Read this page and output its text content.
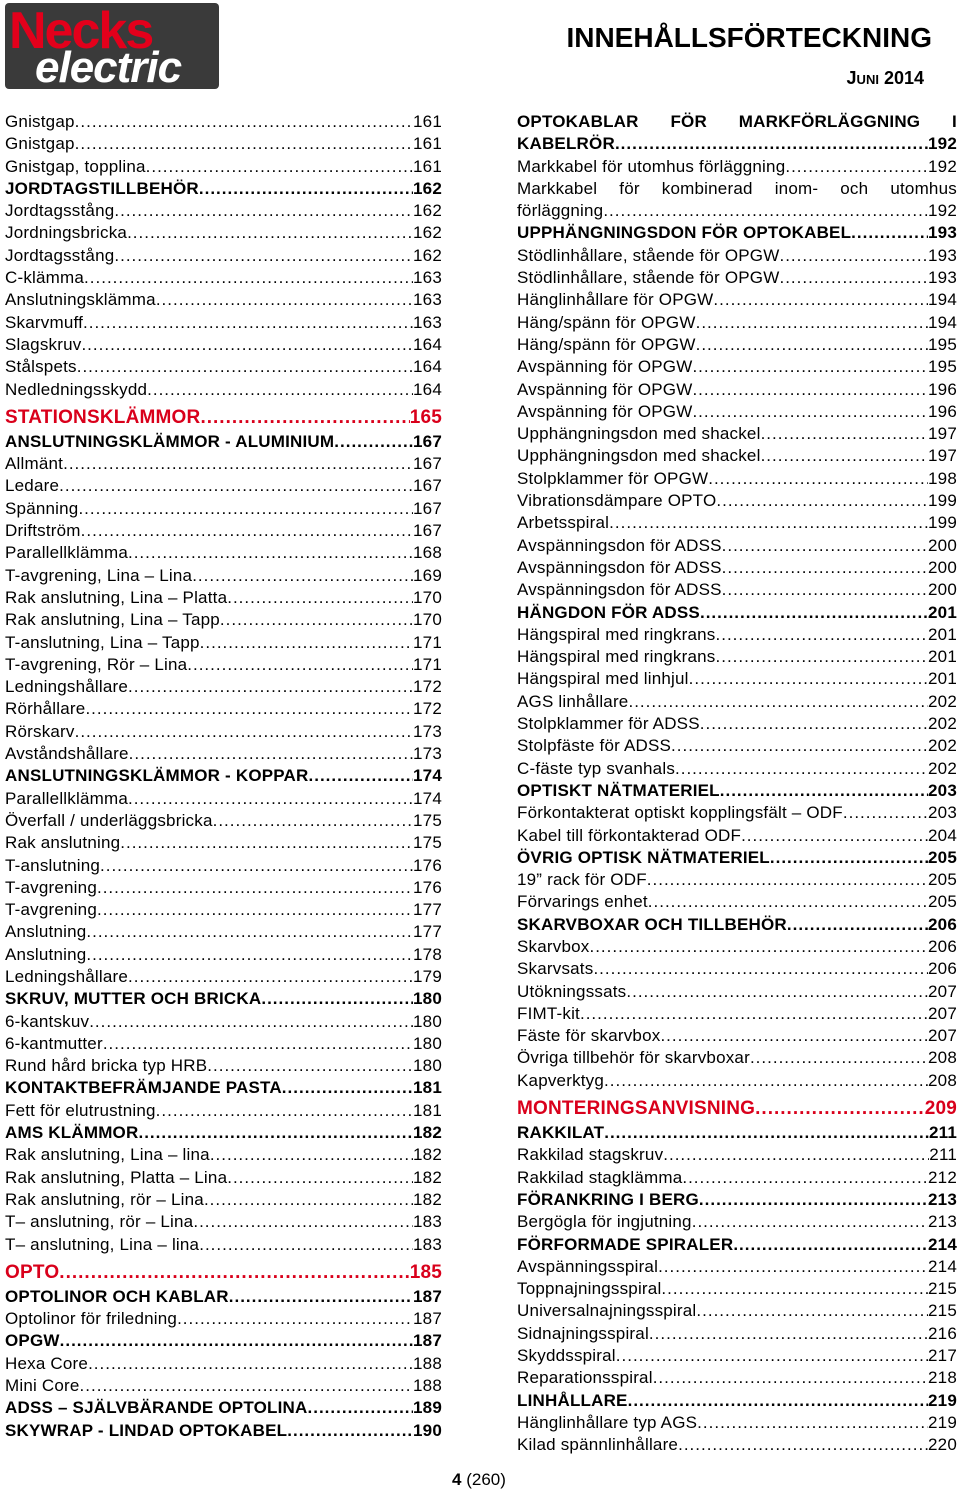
Necks
electric
INNEHÅLLSFÖRTECKNING
Juni 2014
Gnistgap .....	161
Gnistgap .....	161
Gnistgap, topplina .....	161
JORDTAGSTILLBEHÖR .....	162
Jordtagsstång .....	162
Jordningsbricka .....	162
Jordtagsstång .....	162
C-klämma .....	163
Anslutningsklämma .....	163
Skarvmuff .....	163
Slagskruv .....	164
Stålspets .....	164
Nedledningsskydd .....	164
STATIONSKLÄMMOR .....	165
ANSLUTNINGSKLÄMMOR - ALUMINIUM .....	167
Allmänt .....	167
Ledare .....	167
Spänning .....	167
Driftström .....	167
Parallellklämma .....	168
T-avgrening, Lina – Lina .....	169
Rak anslutning, Lina – Platta .....	170
Rak anslutning, Lina – Tapp .....	170
T-anslutning, Lina – Tapp .....	171
T-avgrening, Rör – Lina .....	171
Ledningshållare .....	172
Rörhållare .....	172
Rörskarv .....	173
Avståndshållare .....	173
ANSLUTNINGSKLÄMMOR - KOPPAR .....	174
Parallellklämma .....	174
Överfall / underläggsbricka .....	175
Rak anslutning .....	175
T-anslutning .....	176
T-avgrening .....	176
T-avgrening .....	177
Anslutning .....	177
Anslutning .....	178
Ledningshållare .....	179
SKRUV, MUTTER OCH BRICKA .....	180
6-kantskuv .....	180
6-kantmutter .....	180
Rund hård bricka typ HRB .....	180
KONTAKTBEFRÄMJANDE PASTA .....	181
Fett för elutrustning .....	181
AMS KLÄMMOR .....	182
Rak anslutning, Lina – lina .....	182
Rak anslutning, Platta – Lina .....	182
Rak anslutning, rör – Lina .....	182
T– anslutning, rör – Lina .....	183
T– anslutning, Lina – lina .....	183
OPTO .....	185
OPTOLINOR OCH KABLAR .....	187
Optolinor för friledning .....	187
OPGW .....	187
Hexa Core .....	188
Mini Core .....	188
ADSS – SJÄLVBÄRANDE OPTOLINA .....	189
SKYWRAP - LINDAD OPTOKABEL .....	190
OPTOKABLAR FÖR MARKFÖRLÄGGNING I
KABELRÖR .....	192
Markkabel för utomhus förläggning .....	192
Markkabel för kombinerad inom- och utomhus
förläggning .....	192
UPPHÄNGNINGSDON FÖR OPTOKABEL .....	193
Stödlinhållare, stående för OPGW .....	193
Stödlinhållare, stående för OPGW .....	193
Hänglinhållare för OPGW .....	194
Häng/spänn för OPGW .....	194
Häng/spänn för OPGW .....	195
Avspänning för OPGW .....	195
Avspänning för OPGW .....	196
Avspänning för OPGW .....	196
Upphängningsdon med shackel .....	197
Upphängningsdon med shackel .....	197
Stolpklammer för OPGW .....	198
Vibrationsdämpare OPTO .....	199
Arbetsspiral .....	199
Avspänningsdon för ADSS .....	200
Avspänningsdon för ADSS .....	200
Avspänningsdon för ADSS .....	200
HÄNGDON FÖR ADSS .....	201
Hängspiral med ringkrans .....	201
Hängspiral med ringkrans .....	201
Hängspiral med linhjul .....	201
AGS linhållare .....	202
Stolpklammer för ADSS .....	202
Stolpfäste för ADSS .....	202
C-fäste typ svanhals .....	202
OPTISKT NÄTMATERIEL .....	203
Förkontakterat optiskt kopplingsfält – ODF .....	203
Kabel till förkontakterad ODF .....	204
ÖVRIG OPTISK NÄTMATERIEL .....	205
19” rack för ODF .....	205
Förvarings enhet .....	205
SKARVBOXAR OCH TILLBEHÖR .....	206
Skarvbox .....	206
Skarvsats .....	206
Utökningssats .....	207
FIMT-kit .....	207
Fäste för skarvbox .....	207
Övriga tillbehör för skarvboxar .....	208
Kapverktyg .....	208
MONTERINGSANVISNING .....	209
RAKKILAT .....	211
Rakkilad stagskruv .....	211
Rakkilad stagklämma .....	212
FÖRANKRING I BERG .....	213
Bergögla för ingjutning .....	213
FÖRFORMADE SPIRALER .....	214
Avspänningsspiral .....	214
Toppnajningsspiral .....	215
Universalnajningsspiral .....	215
Sidnajningsspiral .....	216
Skyddsspiral .....	217
Reparationsspiral .....	218
LINHÅLLARE .....	219
Hänglinhållare typ AGS .....	219
Kilad spännlinhållare .....	220
4 (260)
